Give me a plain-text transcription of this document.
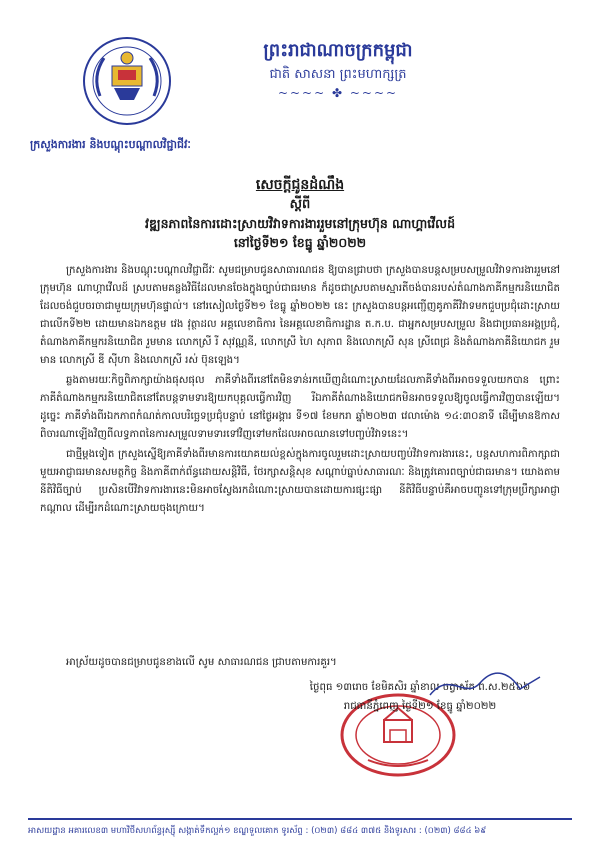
ព្រះរាជាណាចក្រកម្ពុជា
ជាតិ សាសនា ព្រះមហាក្សត្រ
~~~~ ✤ ~~~~
ក្រសួងការងារ និងបណ្តុះបណ្តាលវិជ្ជាជីវៈ
សេចក្តីជូនដំណឹង
ស្តីពី
វឌ្ឍនភាពនៃការដោះស្រាយវិវាទការងាររួមនៅក្រុមហ៊ុន ណាហ្គាវើលដ៍
នៅថ្ងៃទី២១ ខែធ្នូ ឆ្នាំ២០២២

ក្រសួងការងារ និងបណ្តុះបណ្តាលវិជ្ជាជីវៈ សូមជម្រាបជូនសាធារណជន ឱ្យបានជ្រាបថា ក្រសួងបានបន្តសម្របសម្រួលវិវាទការងាររួមនៅក្រុមហ៊ុន ណាហ្គាវើលដ៍ ស្របតាមគន្លងវិធីដែលមានចែងក្នុងច្បាប់ជាធរមាន ក៏ដូចជាស្របតាមស្មារតីចង់បានរបស់តំណាងភាគីកម្មករនិយោជិតដែលចង់ជួបចរចាជាមួយក្រុមហ៊ុនផ្ទាល់។ នៅរសៀលថ្ងៃទី២១ ខែធ្នូ ឆ្នាំ២០២២ នេះ ក្រសួងបានបន្តអញ្ជើញគូភាគីវិវាទមកជួបប្រជុំដោះស្រាយ ជាលើកទី២២ ដោយមានឯកឧត្តម វេង វុត្ថាដល អគ្គលេខាធិការ នៃអគ្គលេខាធិការដ្ឋាន ត.ក.ប. ជាអ្នកសម្របសម្រួល និងជាប្រធានអង្គប្រជុំ, តំណាងភាគីកម្មករនិយោជិត រួមមាន លោកស្រី រី សុវណ្ណនី, លោកស្រី ហៃ សុភាព និងលោកស្រី សុន ស្រីពេជ្រ និងតំណាងភាគីនិយោជក រួមមាន លោកស្រី ឌី ស៊ីហា និងលោកស្រី រស់ ប៊ុនឡេង។

ឆ្លងតាមរយៈកិច្ចពិភាក្សាយ៉ាងផុសផុល ភាគីទាំងពីរនៅតែមិនទាន់រកឃើញដំណោះស្រាយដែលភាគីទាំងពីរអាចទទួលយកបាន ព្រោះភាគីតំណាងកម្មករនិយោជិតនៅតែបន្តទាមទារឱ្យយកបុគ្គលធ្វើការវិញ រីឯភាគីតំណាងនិយោជកមិនអាចទទួលឱ្យចូលធ្វើការវិញបានឡើយ។ ដូច្នេះ ភាគីទាំងពីរឯកភាពកំណត់កាលបរិច្ឆេទប្រជុំបន្ទាប់ នៅថ្ងៃអង្គារ ទី១៧ ខែមករា ឆ្នាំ២០២៣ វេលាម៉ោង ១៤:៣០នាទី ដើម្បីមានឱកាសពិចារណាឡើងវិញពីលទ្ធភាពនៃការសម្រួលទាមទារទៅវិញទៅមកដែលអាចឈានទៅបញ្ចប់វិវាទនេះ។

ជាថ្មីម្តងទៀត ក្រសួងស្នើឱ្យភាគីទាំងពីរមានការយោគយល់ខ្ពស់ក្នុងការចូលរួមដោះស្រាយបញ្ចប់វិវាទការងារនេះ, បន្តសហការពិភាក្សាជាមួយអាជ្ញាធរមានសមត្ថកិច្ច និងភាគីពាក់ព័ន្ធដោយសន្តិវិធី, ថែរក្សាសន្តិសុខ សណ្តាប់ធ្នាប់សាធារណៈ និងត្រូវគោរពច្បាប់ជាធរមាន។ យោងតាមនីតិវិធីច្បាប់ ប្រសិនបើវិវាទការងារនេះមិនអាចស្វែងរកដំណោះស្រាយបានដោយការផ្សះផ្សា នីតិវិធីបន្ទាប់គឺអាចបញ្ជូនទៅក្រុមប្រឹក្សាអាជ្ញាកណ្តាល ដើម្បីរកដំណោះស្រាយចុងក្រោយ។

អាស្រ័យដូចបានជម្រាបជូនខាងលើ សូម សាធារណជន ជ្រាបតាមការគួរ។
ថ្ងៃពុធ ១៣រោច ខែមិគសិរ ឆ្នាំខាល ចត្វាស័ក ព.ស.២៥៦៦
រាជធានីភ្នំពេញ ថ្ងៃទី២១ ខែធ្នូ ឆ្នាំ២០២២
អាសយដ្ឋាន អគារលេខ៣ មហាវិថីសហព័ន្ធរុស្ស៊ី សង្កាត់ទឹកល្អក់១ ខណ្ឌទួលគោក ទូរស័ព្ទ : (០២៣) ៨៨៤ ៣៧៥ និងទូរសារ : (០២៣) ៨៨៤ ៦៩
